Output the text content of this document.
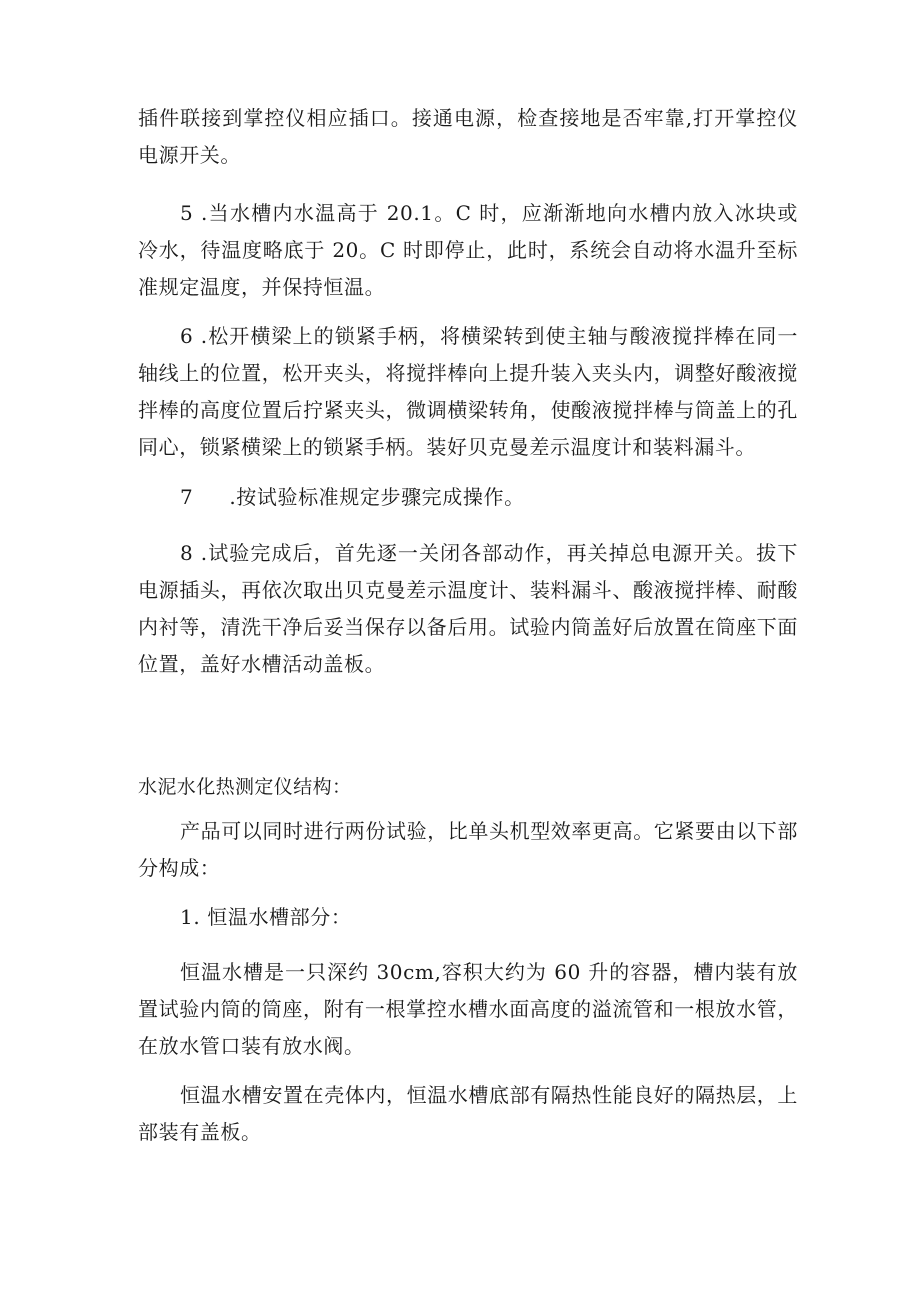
插件联接到掌控仪相应插口。接通电源，检查接地是否牢靠,打开掌控仪电源开关。

5 .当水槽内水温高于 20.1。C 时，应渐渐地向水槽内放入冰块或冷水，待温度略底于 20。C 时即停止，此时，系统会自动将水温升至标准规定温度，并保持恒温。

6 .松开横梁上的锁紧手柄，将横梁转到使主轴与酸液搅拌棒在同一轴线上的位置，松开夹头，将搅拌棒向上提升装入夹头内，调整好酸液搅拌棒的高度位置后拧紧夹头，微调横梁转角，使酸液搅拌棒与筒盖上的孔同心，锁紧横梁上的锁紧手柄。装好贝克曼差示温度计和装料漏斗。

7 .按试验标准规定步骤完成操作。

8 .试验完成后，首先逐一关闭各部动作，再关掉总电源开关。拔下电源插头，再依次取出贝克曼差示温度计、装料漏斗、酸液搅拌棒、耐酸内衬等，清洗干净后妥当保存以备后用。试验内筒盖好后放置在筒座下面位置，盖好水槽活动盖板。

水泥水化热测定仪结构：

产品可以同时进行两份试验，比单头机型效率更高。它紧要由以下部分构成：

1. 恒温水槽部分：

恒温水槽是一只深约 30cm,容积大约为 60 升的容器，槽内装有放置试验内筒的筒座，附有一根掌控水槽水面高度的溢流管和一根放水管，在放水管口装有放水阀。

恒温水槽安置在壳体内，恒温水槽底部有隔热性能良好的隔热层，上部装有盖板。
